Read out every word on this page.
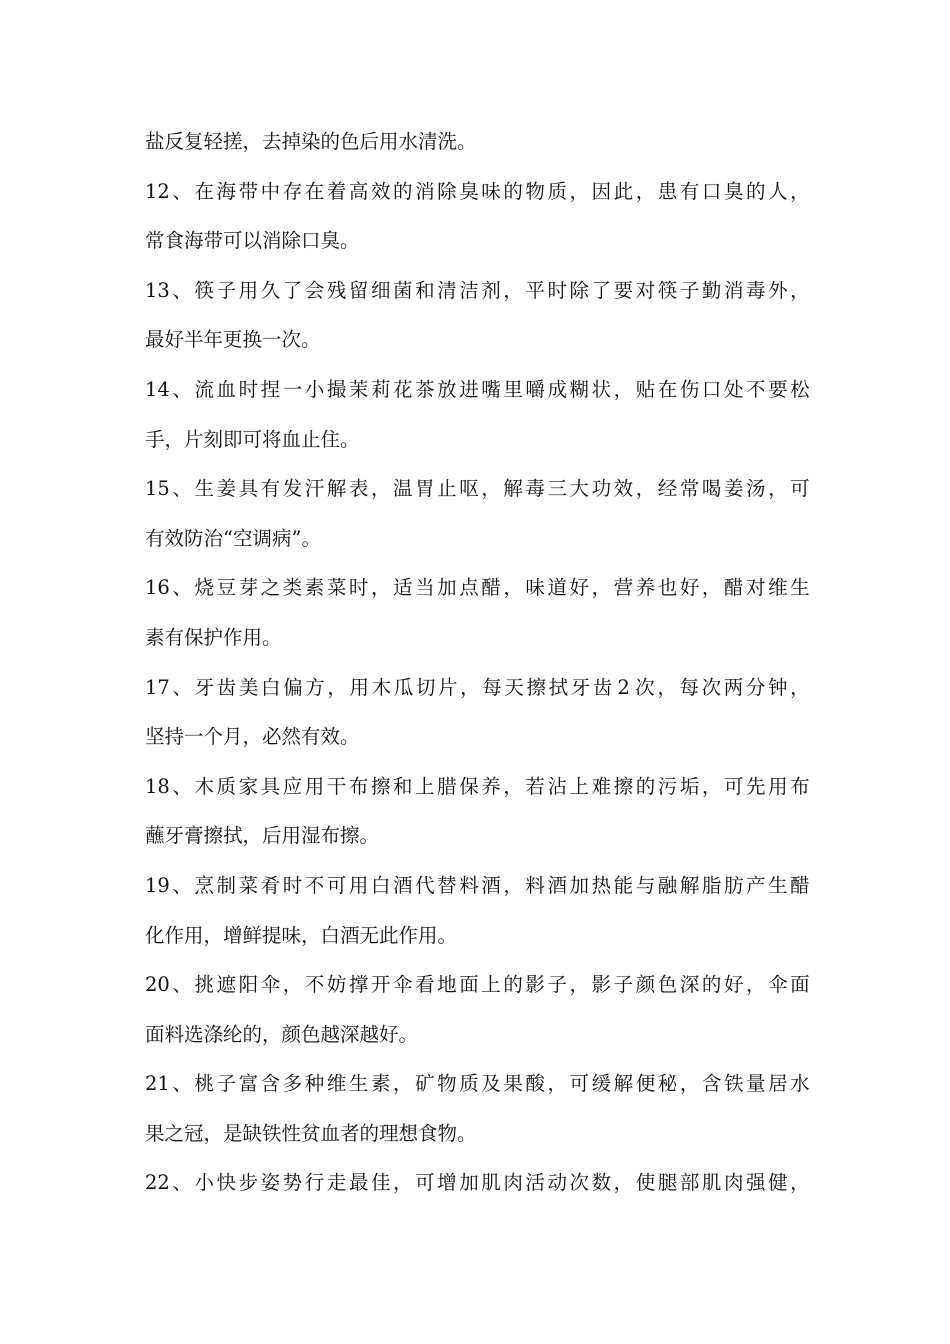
盐反复轻搓，去掉染的色后用水清洗。
12 、 在 海 带 中 存 在 着 高 效 的 消 除 臭 味 的 物 质 ， 因 此 ， 患 有 口 臭 的 人 ，
常食海带可以消除口臭。
13 、 筷 子 用 久 了 会 残 留 细 菌 和 清 洁 剂 ， 平 时 除 了 要 对 筷 子 勤 消 毒 外 ，
最好半年更换一次。
14 、 流 血 时 捏 一 小 撮 茉 莉 花 茶 放 进 嘴 里 嚼 成 糊 状 ， 贴 在 伤 口 处 不 要 松
手，片刻即可将血止住。
15 、 生 姜 具 有 发 汗 解 表 ， 温 胃 止 呕 ， 解 毒 三 大 功 效 ， 经 常 喝 姜 汤 ， 可
有效防治“空调病”。
16 、 烧 豆 芽 之 类 素 菜 时 ， 适 当 加 点 醋 ， 味 道 好 ， 营 养 也 好 ， 醋 对 维 生
素有保护作用。
17 、 牙 齿 美 白 偏 方 ， 用 木 瓜 切 片 ， 每 天 擦 拭 牙 齿 2 次 ， 每 次 两 分 钟 ，
坚持一个月，必然有效。
18 、 木 质 家 具 应 用 干 布 擦 和 上 腊 保 养 ， 若 沾 上 难 擦 的 污 垢 ， 可 先 用 布
蘸牙膏擦拭，后用湿布擦。
19 、 烹 制 菜 肴 时 不 可 用 白 酒 代 替 料 酒 ， 料 酒 加 热 能 与 融 解 脂 肪 产 生 醋
化作用，增鲜提味，白酒无此作用。
20 、 挑 遮 阳 伞 ， 不 妨 撑 开 伞 看 地 面 上 的 影 子 ， 影 子 颜 色 深 的 好 ， 伞 面
面料选涤纶的，颜色越深越好。
21 、 桃 子 富 含 多 种 维 生 素 ， 矿 物 质 及 果 酸 ， 可 缓 解 便 秘 ， 含 铁 量 居 水
果之冠，是缺铁性贫血者的理想食物。
22 、 小 快 步 姿 势 行 走 最 佳 ， 可 增 加 肌 肉 活 动 次 数 ， 使 腿 部 肌 肉 强 健 ，
